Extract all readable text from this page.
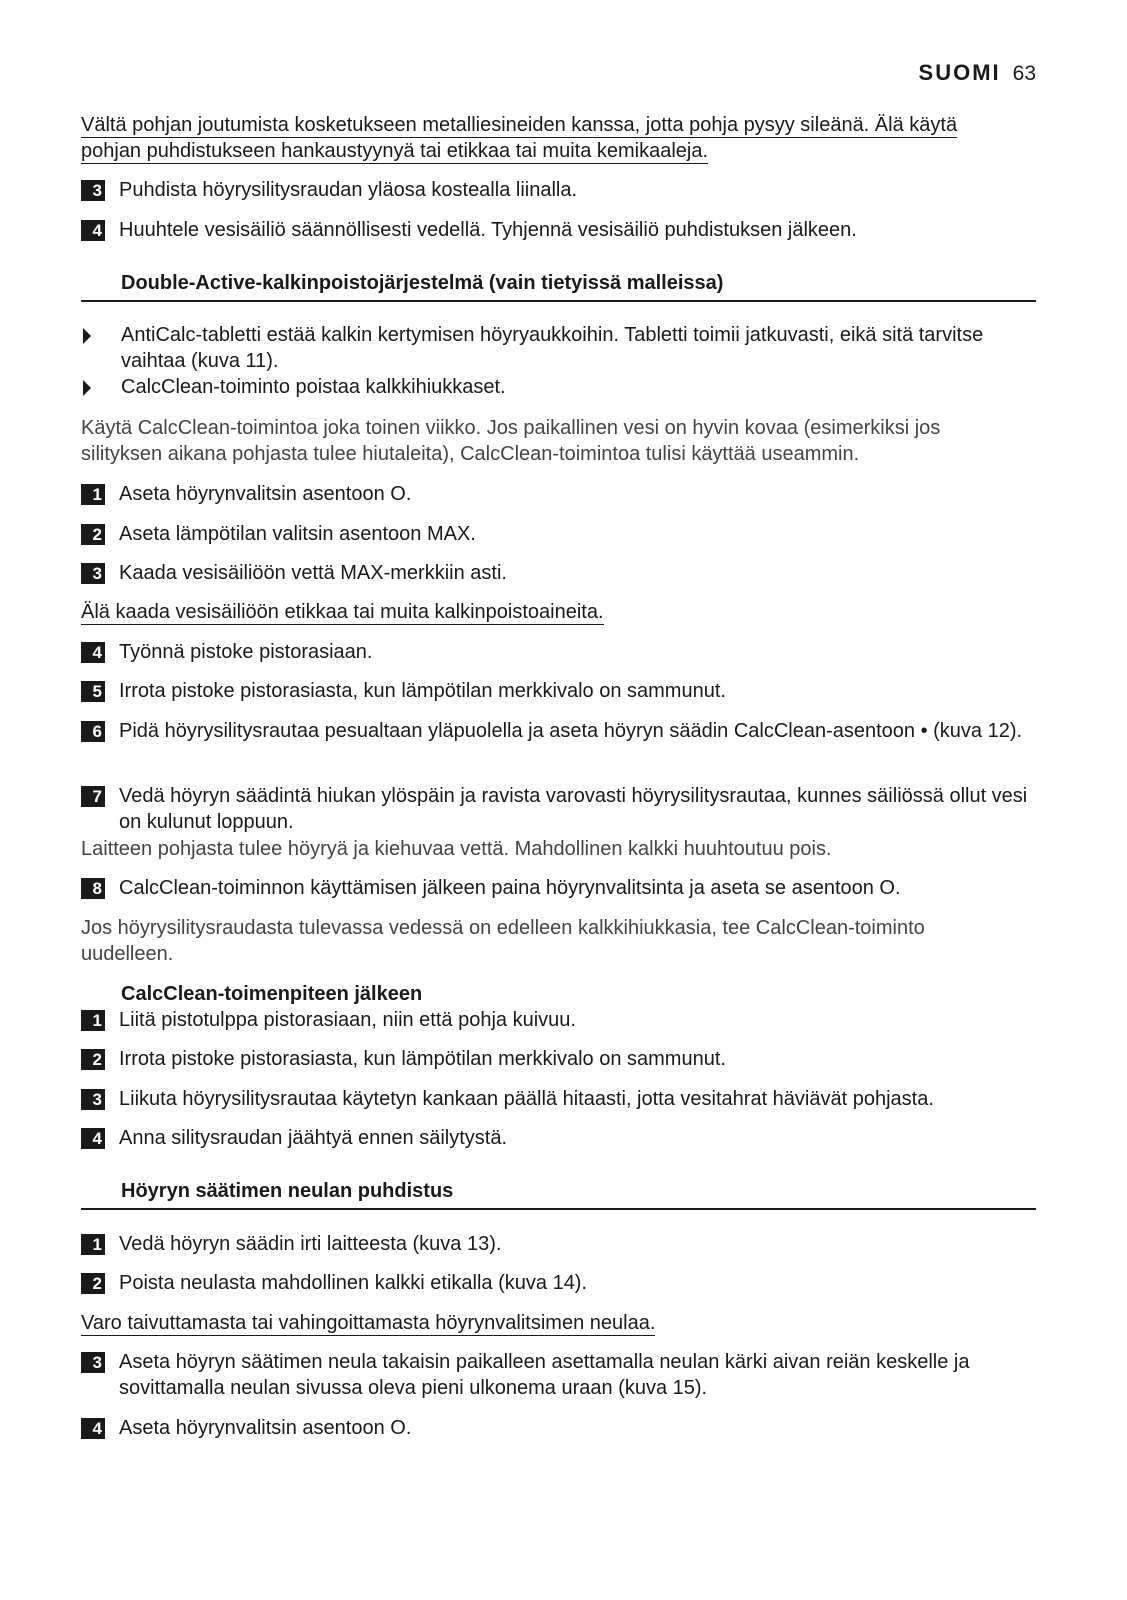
SUOMI 63
Vältä pohjan joutumista kosketukseen metalliesineiden kanssa, jotta pohja pysyy sileänä. Älä käytä pohjan puhdistukseen hankaustyynyä tai etikkaa tai muita kemikaaleja.
3 Puhdista höyrysilitysraudan yläosa kostealla liinalla.
4 Huuhtele vesisäiliö säännöllisesti vedellä. Tyhjennä vesisäiliö puhdistuksen jälkeen.
Double-Active-kalkinpoistojärjestelmä (vain tietyissä malleissa)
AntiCalc-tabletti estää kalkin kertymisen höyryaukkoihin. Tabletti toimii jatkuvasti, eikä sitä tarvitse vaihtaa (kuva 11).
CalcClean-toiminto poistaa kalkkihiukkaset.
Käytä CalcClean-toimintoa joka toinen viikko. Jos paikallinen vesi on hyvin kovaa (esimerkiksi jos silityksen aikana pohjasta tulee hiutaleita), CalcClean-toimintoa tulisi käyttää useammin.
1 Aseta höyrynvalitsin asentoon O.
2 Aseta lämpötilan valitsin asentoon MAX.
3 Kaada vesisäiliöön vettä MAX-merkkiin asti.
Älä kaada vesisäiliöön etikkaa tai muita kalkinpoistoaineita.
4 Työnnä pistoke pistorasiaan.
5 Irrota pistoke pistorasiasta, kun lämpötilan merkkivalo on sammunut.
6 Pidä höyrysilitysrautaa pesualtaan yläpuolella ja aseta höyryn säädin CalcClean-asentoon • (kuva 12).
7 Vedä höyryn säädintä hiukan ylöspäin ja ravista varovasti höyrysilitysrautaa, kunnes säiliössä ollut vesi on kulunut loppuun.
Laitteen pohjasta tulee höyryä ja kiehuvaa vettä. Mahdollinen kalkki huuhtoutuu pois.
8 CalcClean-toiminnon käyttämisen jälkeen paina höyrynvalitsinta ja aseta se asentoon O.
Jos höyrysilitysraudasta tulevassa vedessä on edelleen kalkkihiukkasia, tee CalcClean-toiminto uudelleen.
CalcClean-toimenpiteen jälkeen
1 Liitä pistotulppa pistorasiaan, niin että pohja kuivuu.
2 Irrota pistoke pistorasiasta, kun lämpötilan merkkivalo on sammunut.
3 Liikuta höyrysilitysrautaa käytetyn kankaan päällä hitaasti, jotta vesitahrat häviävät pohjasta.
4 Anna silitysraudan jäähtyä ennen säilytystä.
Höyryn säätimen neulan puhdistus
1 Vedä höyryn säädin irti laitteesta (kuva 13).
2 Poista neulasta mahdollinen kalkki etikalla (kuva 14).
Varo taivuttamasta tai vahingoittamasta höyrynvalitsimen neulaa.
3 Aseta höyryn säätimen neula takaisin paikalleen asettamalla neulan kärki aivan reiän keskelle ja sovittamalla neulan sivussa oleva pieni ulkonema uraan (kuva 15).
4 Aseta höyrynvalitsin asentoon O.
